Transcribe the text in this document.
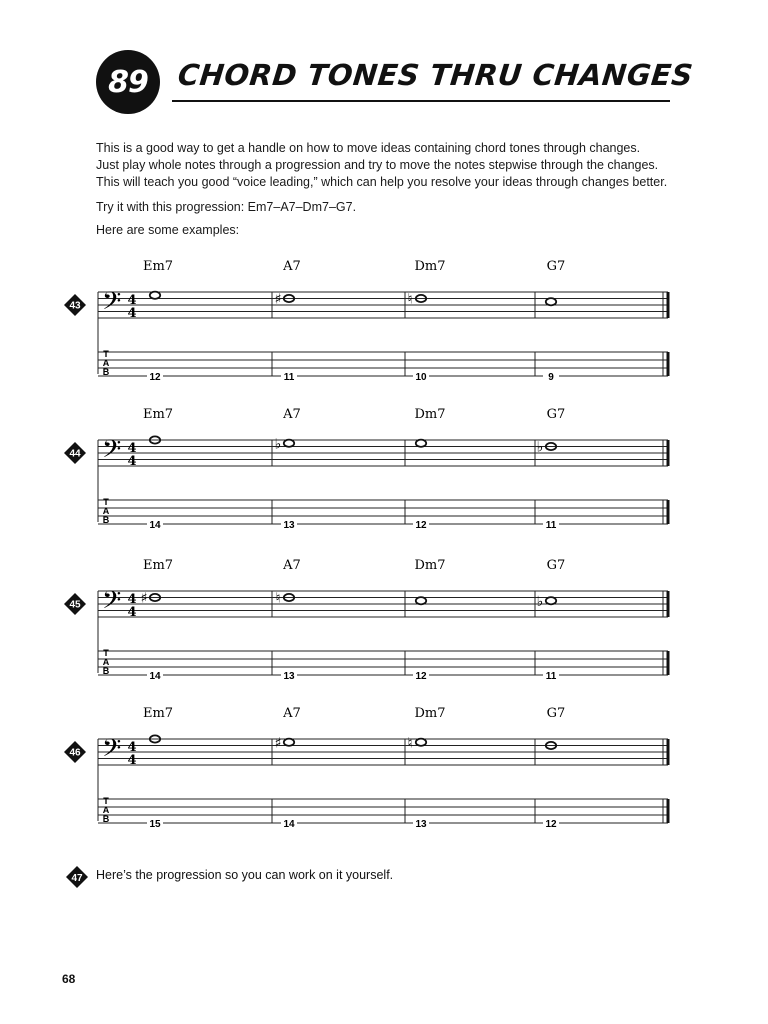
89 CHORD TONES THRU CHANGES

This is a good way to get a handle on how to move ideas containing chord tones through changes.

Just play whole notes through a progression and try to move the notes stepwise through the changes.

This will teach you good “voice leading,” which can help you resolve your ideas through changes better.

Try it with this progression: Em7–A7–Dm7–G7.
Here are some examples:
43 𝄢 4
4
T
A
B
Em7
12
A7
♯
11
Dm7
♮
10
G7
9
44 𝄢 4
4
T
A
B
Em7
14
A7
♭
13
Dm7
12
G7
♭
11
45 𝄢 4
4
T
A
B
Em7
♯
14
A7
♮
13
Dm7
12
G7
♭
11
46 𝄢 4
4
T
A
B
Em7
15
A7
♯
14
Dm7
♮
13
G7
12
47 Here’s the progression so you can work on it yourself.
68
